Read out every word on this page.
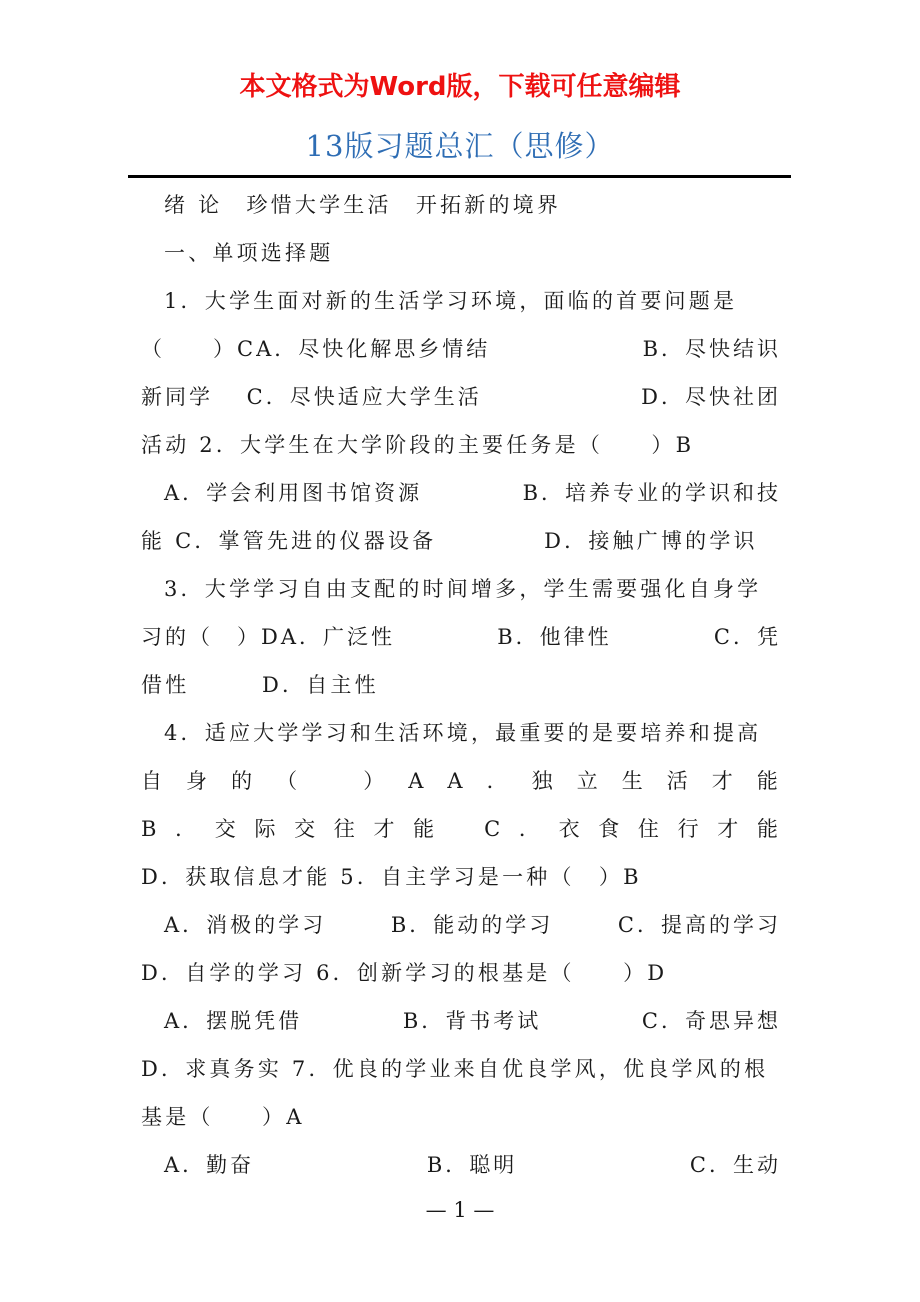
本文格式为Word版，下载可任意编辑
13版习题总汇（思修）
绪 论　珍惜大学生活　开拓新的境界
一、单项选择题
1．大学生面对新的生活学习环境，面临的首要问题是
（　　）CA．尽快化解思乡情结	B．尽快结识
新同学　 C．尽快适应大学生活	D．尽快社团
活动 2．大学生在大学阶段的主要任务是（　　）B
A．学会利用图书馆资源	B．培养专业的学识和技
能 C．掌管先进的仪器设备	D．接触广博的学识
3．大学学习自由支配的时间增多，学生需要强化自身学
习的（　）DA．广泛性	B．他律性	C．凭
借性　　　D．自主性
4．适应大学学习和生活环境，最重要的是要培养和提高
自 身 的 （	） A A ． 独 立 生 活 才 能
B ． 交 际 交 往 才 能 C ． 衣 食 住 行 才 能
D．获取信息才能 5．自主学习是一种（　）B
A．消极的学习	B．能动的学习	C．提高的学习
D．自学的学习 6．创新学习的根基是（　　）D
A．摆脱凭借	B．背书考试	C．奇思异想
D．求真务实 7．优良的学业来自优良学风，优良学风的根
基是（　　）A
A．勤奋	B．聪明	C．生动
— 1 —
